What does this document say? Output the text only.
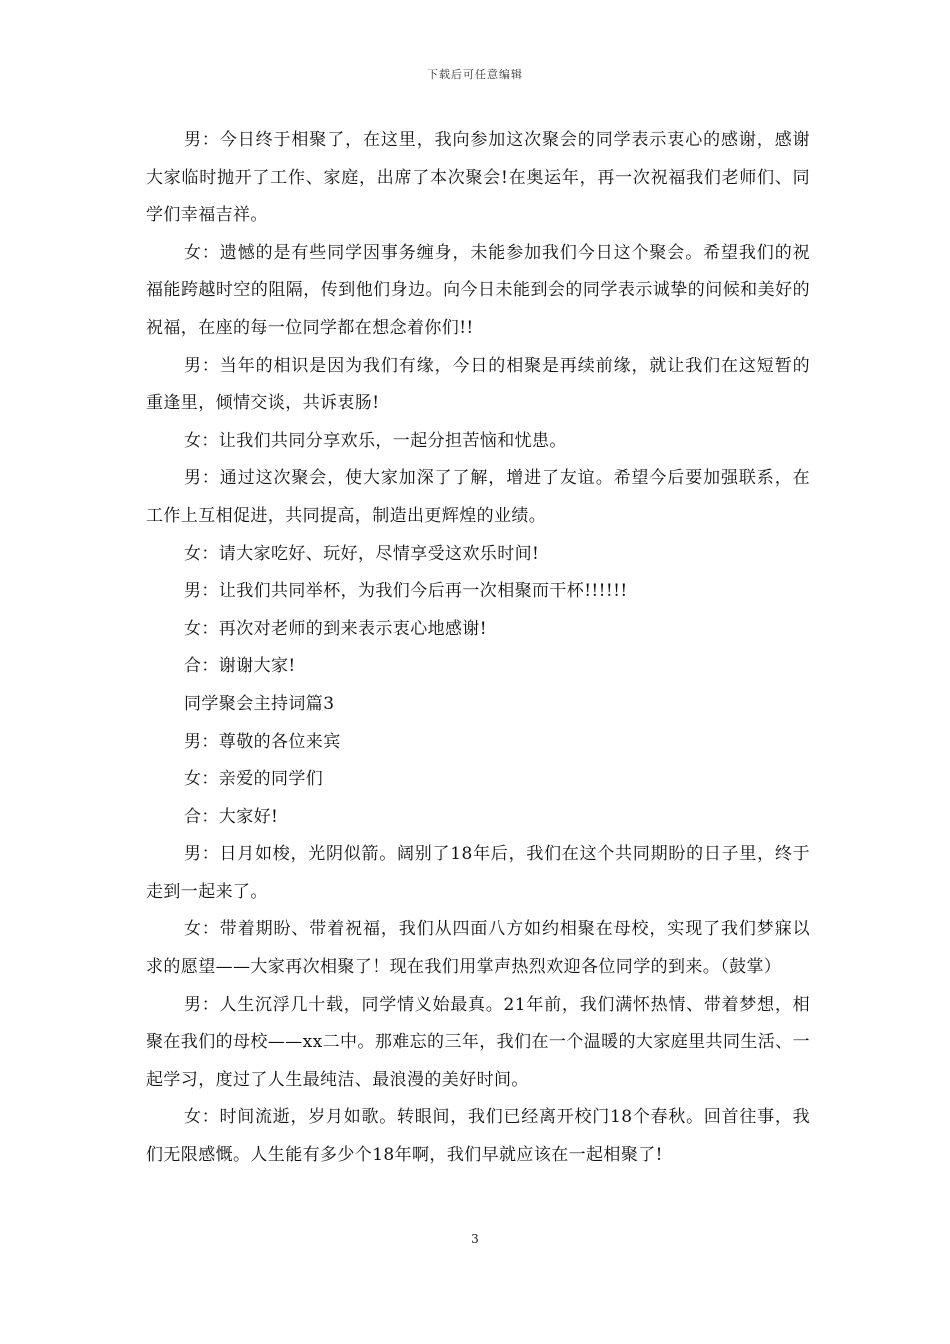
下载后可任意编辑

男：今日终于相聚了，在这里，我向参加这次聚会的同学表示衷心的感谢，感谢大家临时抛开了工作、家庭，出席了本次聚会!在奥运年，再一次祝福我们老师们、同学们幸福吉祥。

女：遗憾的是有些同学因事务缠身，未能参加我们今日这个聚会。希望我们的祝福能跨越时空的阻隔，传到他们身边。向今日未能到会的同学表示诚挚的问候和美好的祝福，在座的每一位同学都在想念着你们!!

男：当年的相识是因为我们有缘，今日的相聚是再续前缘，就让我们在这短暂的重逢里，倾情交谈，共诉衷肠!

女：让我们共同分享欢乐，一起分担苦恼和忧患。

男：通过这次聚会，使大家加深了了解，增进了友谊。希望今后要加强联系，在工作上互相促进，共同提高，制造出更辉煌的业绩。

女：请大家吃好、玩好，尽情享受这欢乐时间!

男：让我们共同举杯，为我们今后再一次相聚而干杯!!!!!!

女：再次对老师的到来表示衷心地感谢!

合：谢谢大家!

同学聚会主持词篇3

男：尊敬的各位来宾

女：亲爱的同学们

合：大家好!

男：日月如梭，光阴似箭。阔别了18年后，我们在这个共同期盼的日子里，终于走到一起来了。

女：带着期盼、带着祝福，我们从四面八方如约相聚在母校，实现了我们梦寐以求的愿望——大家再次相聚了！现在我们用掌声热烈欢迎各位同学的到来。（鼓掌）

男：人生沉浮几十载，同学情义始最真。21年前，我们满怀热情、带着梦想，相聚在我们的母校——xx二中。那难忘的三年，我们在一个温暖的大家庭里共同生活、一起学习，度过了人生最纯洁、最浪漫的美好时间。

女：时间流逝，岁月如歌。转眼间，我们已经离开校门18个春秋。回首往事，我们无限感慨。人生能有多少个18年啊，我们早就应该在一起相聚了!

3
